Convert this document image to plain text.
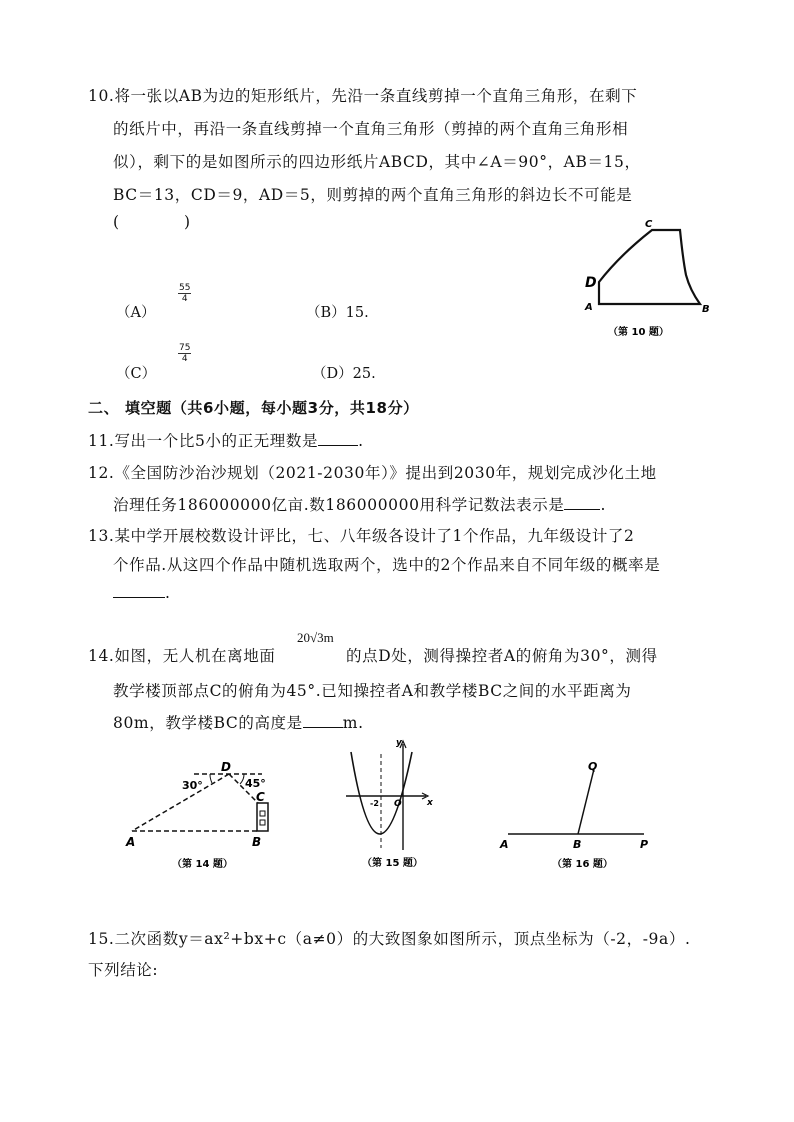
10.将一张以AB为边的矩形纸片，先沿一条直线剪掉一个直角三角形，在剩下
的纸片中，再沿一条直线剪掉一个直角三角形（剪掉的两个直角三角形相
似），剩下的是如图所示的四边形纸片ABCD，其中∠A＝90°，AB＝15，
BC＝13，CD＝9，AD＝5，则剪掉的两个直角三角形的斜边长不可能是
(　　　　)
（A）
$\frac{55}{4}$
（B）15.
（C）
$\frac{75}{4}$
（D）25.
A	B
C
D
（第 10 题）
二、 填空题（共6小题，每小题3分，共18分）
11.写出一个比5小的正无理数是	.
12.《全国防沙治沙规划（2021-2030年）》提出到2030年，规划完成沙化土地
治理任务186000000亿亩.数186000000用科学记数法表示是 .
13.某中学开展校数设计评比，七、八年级各设计了1个作品，九年级设计了2
个作品.从这四个作品中随机选取两个，选中的2个作品来自不同年级的概率是
.
14.如图，无人机在离地面
20√3m
的点D处，测得操控者A的俯角为30°，测得
教学楼顶部点C的俯角为45°.已知操控者A和教学楼BC之间的水平距离为
80m，教学楼BC的高度是	m.
D
30°	45°
C
A	B
（第 14 题）
y
x
O
-2
（第 15 题）
A	B	P
Q
（第 16 题）
15.二次函数y＝ax²+bx+c（a≠0）的大致图象如图所示，顶点坐标为（-2，-9a）.
下列结论:
